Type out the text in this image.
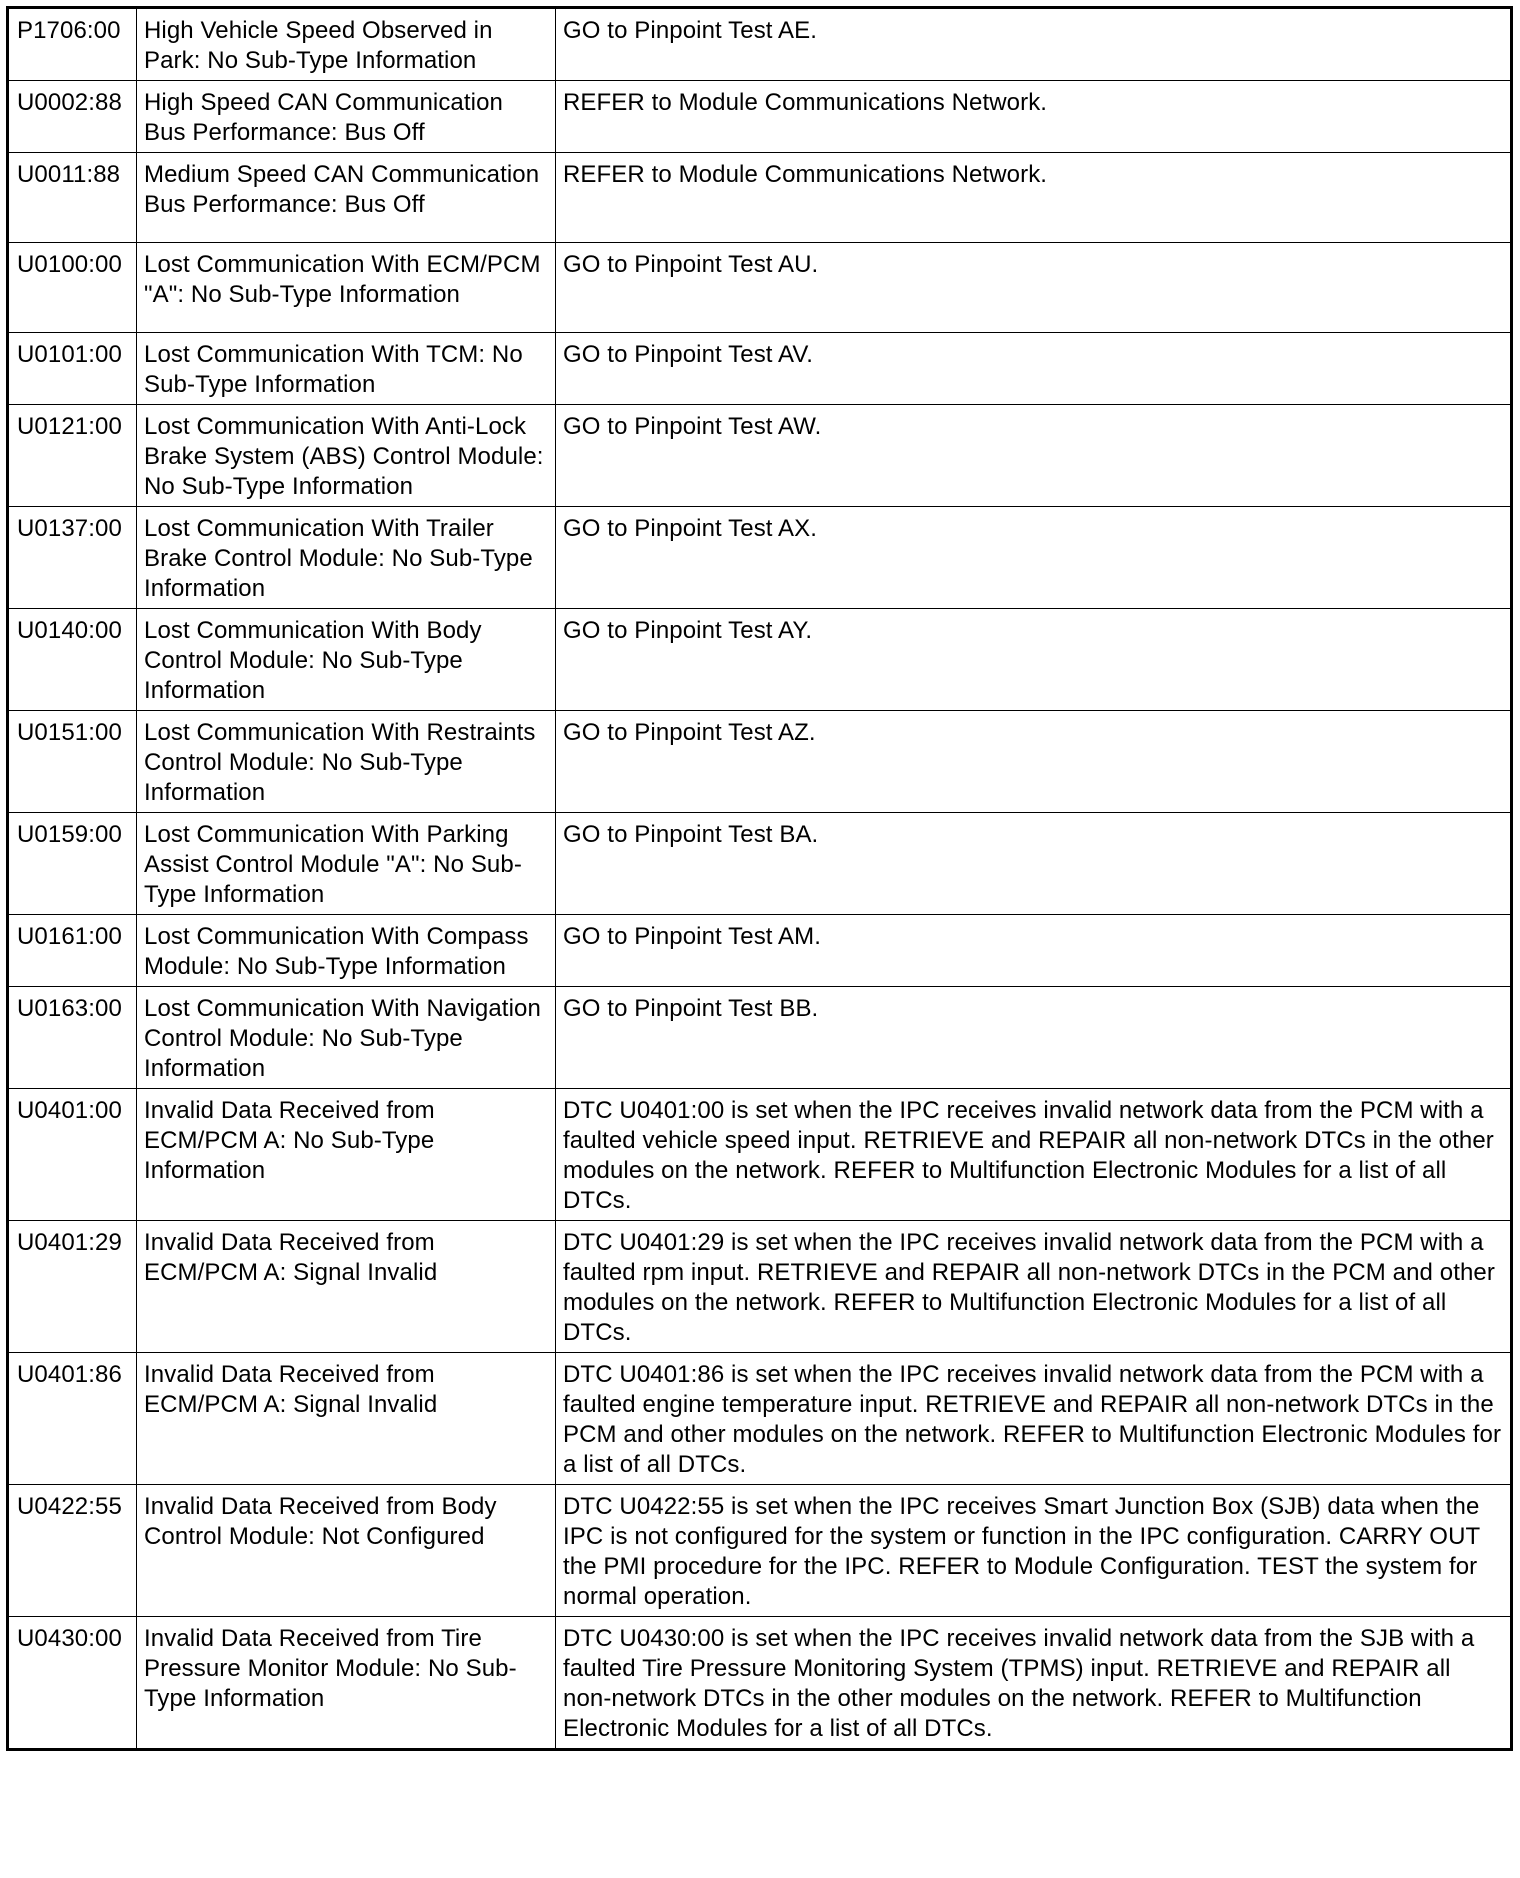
P1706:00	High Vehicle Speed Observed in Park: No Sub-Type Information	GO to Pinpoint Test AE.
U0002:88	High Speed CAN Communication Bus Performance: Bus Off	REFER to Module Communications Network.
U0011:88	Medium Speed CAN Communication Bus Performance: Bus Off	REFER to Module Communications Network.
U0100:00	Lost Communication With ECM/PCM "A": No Sub-Type Information	GO to Pinpoint Test AU.
U0101:00	Lost Communication With TCM: No Sub-Type Information	GO to Pinpoint Test AV.
U0121:00	Lost Communication With Anti-Lock Brake System (ABS) Control Module: No Sub-Type Information	GO to Pinpoint Test AW.
U0137:00	Lost Communication With Trailer Brake Control Module: No Sub-Type Information	GO to Pinpoint Test AX.
U0140:00	Lost Communication With Body Control Module: No Sub-Type Information	GO to Pinpoint Test AY.
U0151:00	Lost Communication With Restraints Control Module: No Sub-Type Information	GO to Pinpoint Test AZ.
U0159:00	Lost Communication With Parking Assist Control Module "A": No Sub-Type Information	GO to Pinpoint Test BA.
U0161:00	Lost Communication With Compass Module: No Sub-Type Information	GO to Pinpoint Test AM.
U0163:00	Lost Communication With Navigation Control Module: No Sub-Type Information	GO to Pinpoint Test BB.
U0401:00	Invalid Data Received from ECM/PCM A: No Sub-Type Information	DTC U0401:00 is set when the IPC receives invalid network data from the PCM with a faulted vehicle speed input. RETRIEVE and REPAIR all non-network DTCs in the other modules on the network. REFER to Multifunction Electronic Modules for a list of all DTCs.
U0401:29	Invalid Data Received from ECM/PCM A: Signal Invalid	DTC U0401:29 is set when the IPC receives invalid network data from the PCM with a faulted rpm input. RETRIEVE and REPAIR all non-network DTCs in the PCM and other modules on the network. REFER to Multifunction Electronic Modules for a list of all DTCs.
U0401:86	Invalid Data Received from ECM/PCM A: Signal Invalid	DTC U0401:86 is set when the IPC receives invalid network data from the PCM with a faulted engine temperature input. RETRIEVE and REPAIR all non-network DTCs in the PCM and other modules on the network. REFER to Multifunction Electronic Modules for a list of all DTCs.
U0422:55	Invalid Data Received from Body Control Module: Not Configured	DTC U0422:55 is set when the IPC receives Smart Junction Box (SJB) data when the IPC is not configured for the system or function in the IPC configuration. CARRY OUT the PMI procedure for the IPC. REFER to Module Configuration. TEST the system for normal operation.
U0430:00	Invalid Data Received from Tire Pressure Monitor Module: No Sub-Type Information	DTC U0430:00 is set when the IPC receives invalid network data from the SJB with a faulted Tire Pressure Monitoring System (TPMS) input. RETRIEVE and REPAIR all non-network DTCs in the other modules on the network. REFER to Multifunction Electronic Modules for a list of all DTCs.
